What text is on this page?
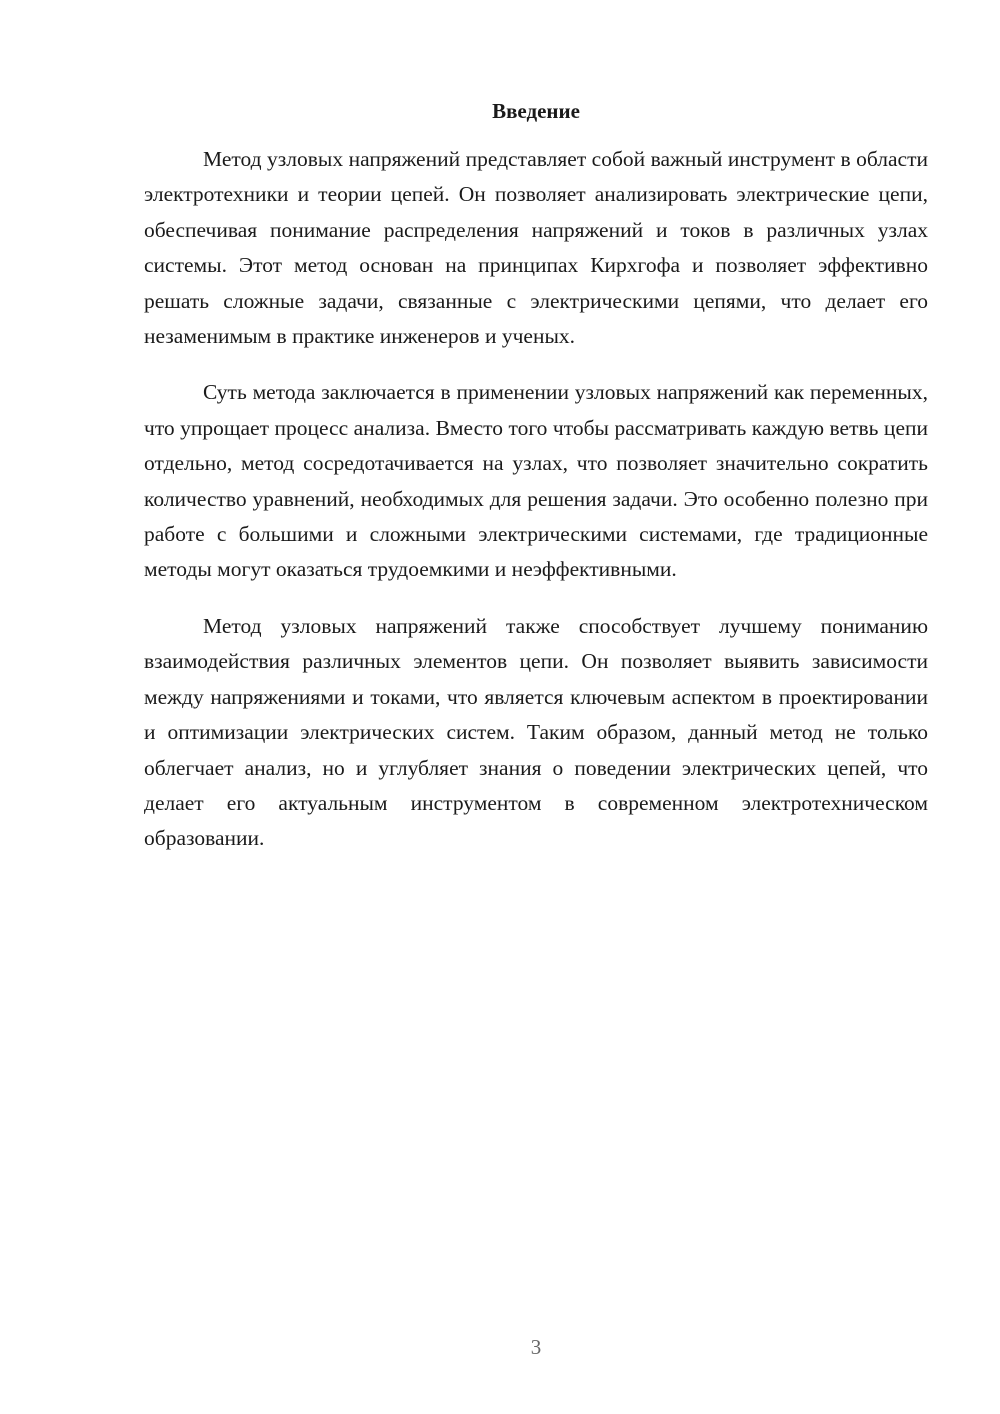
Введение

Метод узловых напряжений представляет собой важный инструмент в области электротехники и теории цепей. Он позволяет анализировать электрические цепи, обеспечивая понимание распределения напряжений и токов в различных узлах системы. Этот метод основан на принципах Кирхгофа и позволяет эффективно решать сложные задачи, связанные с электрическими цепями, что делает его незаменимым в практике инженеров и ученых.

Суть метода заключается в применении узловых напряжений как переменных, что упрощает процесс анализа. Вместо того чтобы рассматривать каждую ветвь цепи отдельно, метод сосредотачивается на узлах, что позволяет значительно сократить количество уравнений, необходимых для решения задачи. Это особенно полезно при работе с большими и сложными электрическими системами, где традиционные методы могут оказаться трудоемкими и неэффективными.

Метод узловых напряжений также способствует лучшему пониманию взаимодействия различных элементов цепи. Он позволяет выявить зависимости между напряжениями и токами, что является ключевым аспектом в проектировании и оптимизации электрических систем. Таким образом, данный метод не только облегчает анализ, но и углубляет знания о поведении электрических цепей, что делает его актуальным инструментом в современном электротехническом образовании.

3
